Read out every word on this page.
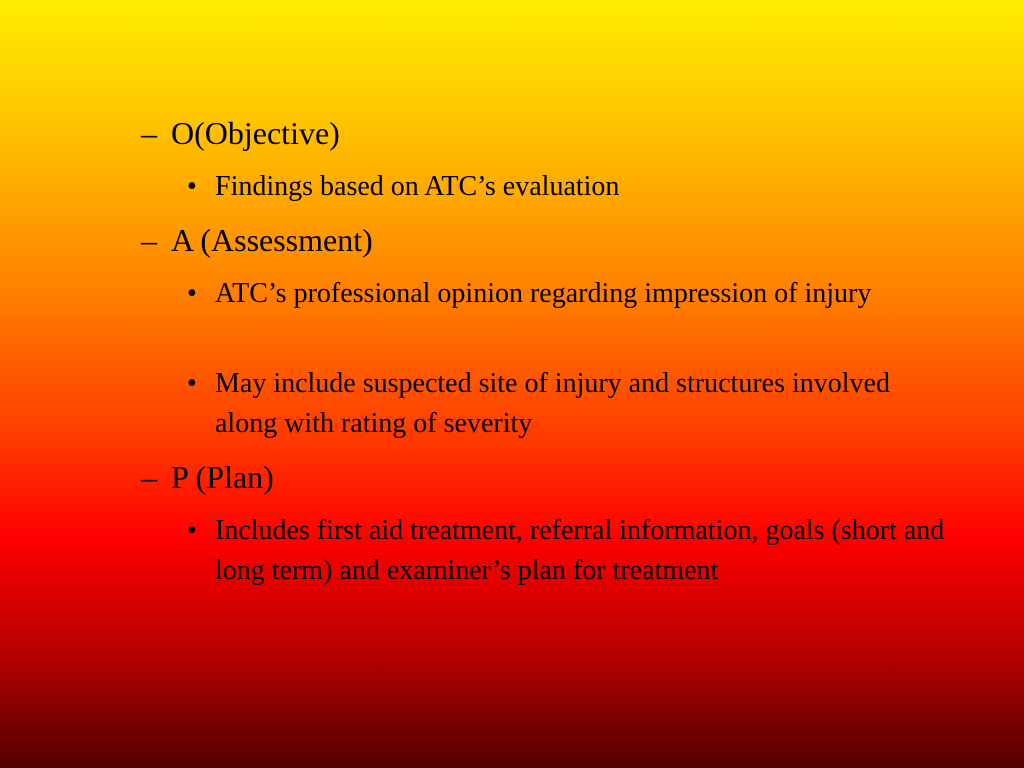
– O(Objective)
• Findings based on ATC’s evaluation
– A (Assessment)
• ATC’s professional opinion regarding impression of injury
• May include suspected site of injury and structures involved along with rating of severity
– P (Plan)
• Includes first aid treatment, referral information, goals (short and long term) and examiner’s plan for treatment
